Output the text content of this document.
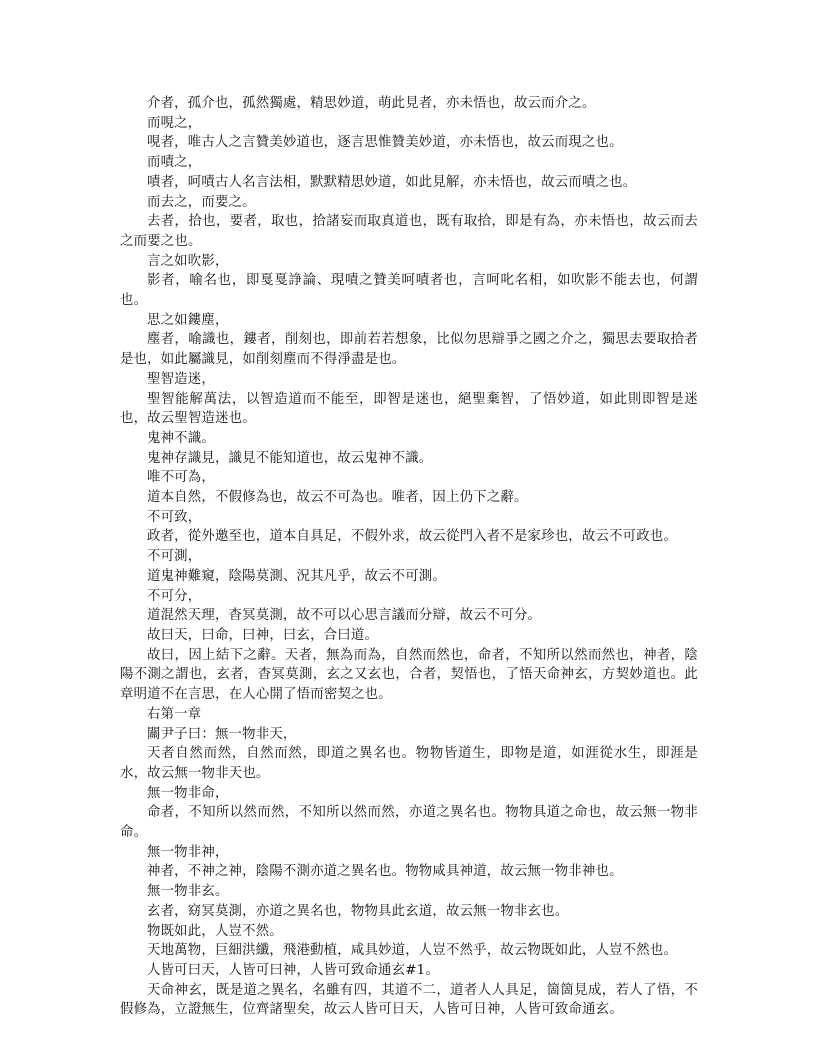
介者，孤介也，孤然獨處，精思妙道，萌此見者，亦未悟也，故云而介之。

而哯之，

哯者，唯古人之言贊美妙道也，逐言思惟贊美妙道，亦未悟也，故云而現之也。

而嘖之，

嘖者，呵嘖古人名言法相，默默精思妙道，如此見解，亦未悟也，故云而嘖之也。

而去之，而要之。

去者，拾也，要者，取也，拾諸妄而取真道也，既有取拾，即是有為，亦未悟也，故云而去之而要之也。

言之如吹影，

影者，喻名也，即戛戛諍論、現嘖之贊美呵嘖者也，言呵叱名相，如吹影不能去也，何謂也。

思之如鏤塵，

塵者，喻識也，鏤者，削刻也，即前若若想象，比似勿思辯爭之國之介之，獨思去要取拾者是也，如此屬識見，如削刻塵而不得淨盡是也。

聖智造迷，

聖智能解萬法，以智造道而不能至，即智是迷也，絕聖棄智，了悟妙道，如此則即智是迷也，故云聖智造迷也。

鬼神不識。

鬼神存識見，識見不能知道也，故云鬼神不識。

唯不可為，

道本自然，不假修為也，故云不可為也。唯者，因上仍下之辭。

不可致，

政者，從外邀至也，道本自具足，不假外求，故云從門入者不是家珍也，故云不可政也。

不可測，

道鬼神難窺，陰陽莫測、況其凡乎，故云不可測。

不可分，

道混然天理，杳冥莫測，故不可以心思言議而分辯，故云不可分。

故曰天，曰命，曰神，曰玄，合曰道。

故曰，因上結下之辭。天者，無為而為，自然而然也，命者，不知所以然而然也，神者，陰陽不測之謂也，玄者，杳冥莫測，玄之又玄也，合者，契悟也，了悟天命神玄，方契妙道也。此章明道不在言思，在人心開了悟而密契之也。

右第一章

關尹子曰：無一物非天，

天者自然而然，自然而然，即道之異名也。物物皆道生，即物是道，如涯從水生，即涯是水，故云無一物非天也。

無一物非命，

命者，不知所以然而然，不知所以然而然，亦道之異名也。物物具道之命也，故云無一物非命。

無一物非神，

神者，不神之神，陰陽不測亦道之異名也。物物咸具神道，故云無一物非神也。

無一物非玄。

玄者，窈冥莫測，亦道之異名也，物物具此玄道，故云無一物非玄也。

物既如此，人豈不然。

天地萬物，巨細洪纖，飛港動植，咸具妙道，人豈不然乎，故云物既如此，人豈不然也。

人皆可曰天，人皆可曰神，人皆可致命通玄#1。

天命神玄，既是道之異名，名雖有四，其道不二，道者人人具足，箇箇見成，若人了悟，不假修為，立證無生，位齊諸聖矣，故云人皆可日天，人皆可日神，人皆可致命通玄。
